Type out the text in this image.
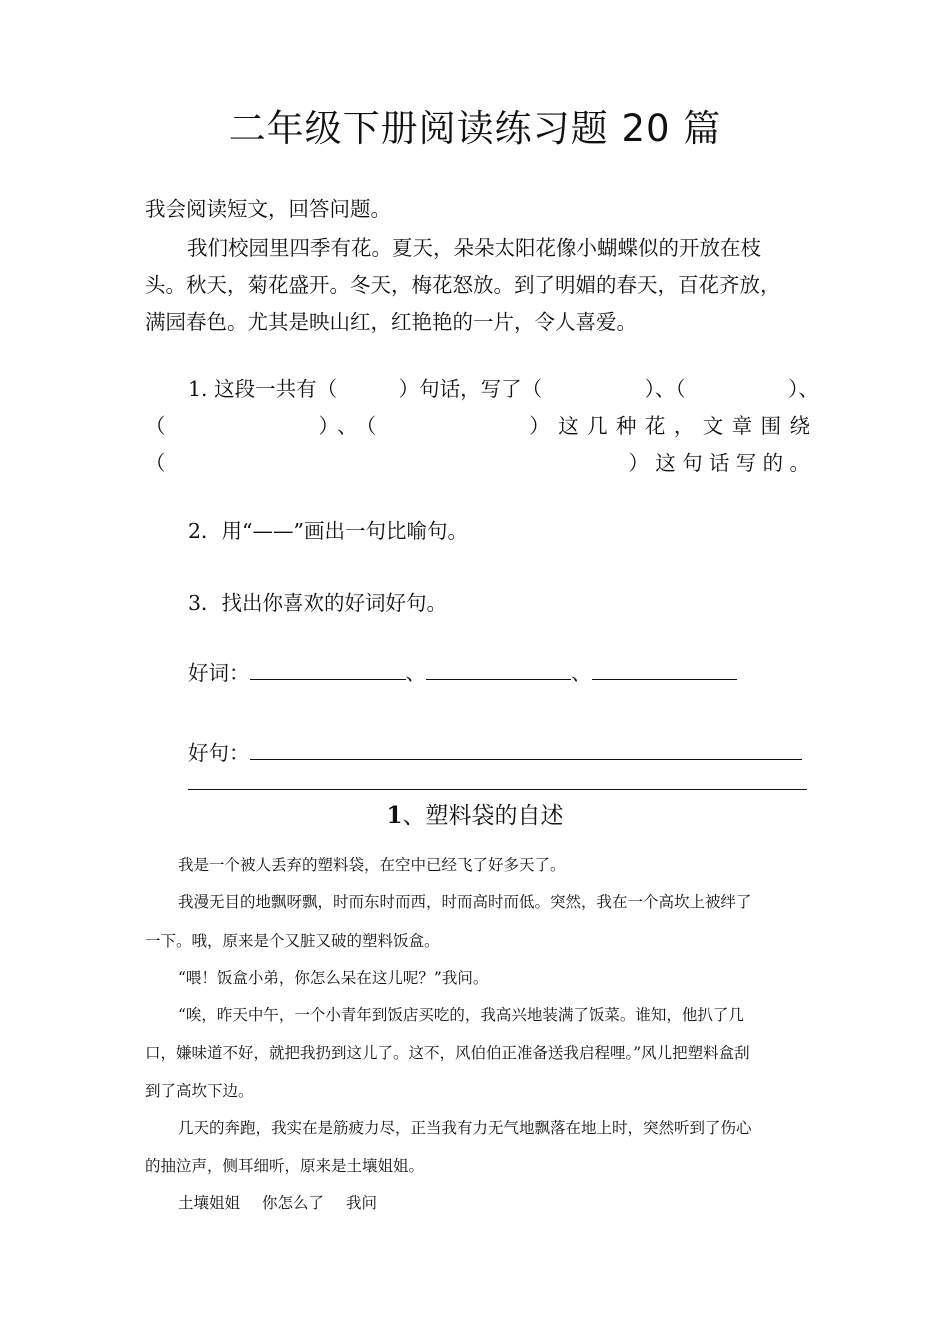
二年级下册阅读练习题 20 篇
我会阅读短文，回答问题。
我们校园里四季有花。夏天，朵朵太阳花像小蝴蝶似的开放在枝
头。秋天，菊花盛开。冬天，梅花怒放。到了明媚的春天，百花齐放，
满园春色。尤其是映山红，红艳艳的一片，令人喜爱。
1. 这段一共有（　　　）句话，写了（　　　　　）、（　　　　　）、
（　　　　　）、（　　　　　）这几种花，文章围绕
（　　　　　　　　　　　　　　　　　）这句话写的。
2．用“——”画出一句比喻句。
3．找出你喜欢的好词好句。
好词：	、	、
好句：
1、塑料袋的自述
我是一个被人丢弃的塑料袋，在空中已经飞了好多天了。
我漫无目的地飘呀飘，时而东时而西，时而高时而低。突然，我在一个高坎上被绊了
一下。哦，原来是个又脏又破的塑料饭盒。
“喂！饭盒小弟，你怎么呆在这儿呢？”我问。
“唉，昨天中午，一个小青年到饭店买吃的，我高兴地装满了饭菜。谁知，他扒了几
口，嫌味道不好，就把我扔到这儿了。这不，风伯伯正准备送我启程哩。”风儿把塑料盒刮
到了高坎下边。
几天的奔跑，我实在是筋疲力尽，正当我有力无气地飘落在地上时，突然听到了伤心
的抽泣声，侧耳细听，原来是土壤姐姐。
土壤姐姐 你怎么了 我问
